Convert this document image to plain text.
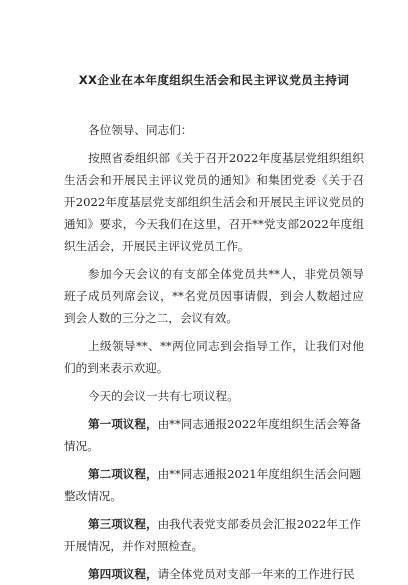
XX企业在本年度组织生活会和民主评议党员主持词

各位领导、同志们：

按照省委组织部《关于召开2022年度基层党组织组织生活会和开展民主评议党员的通知》和集团党委《关于召开2022年度基层党支部组织生活会和开展民主评议党员的通知》要求，今天我们在这里，召开**党支部2022年度组织生活会，开展民主评议党员工作。

参加今天会议的有支部全体党员共**人，非党员领导班子成员列席会议，**名党员因事请假，到会人数超过应到会人数的三分之二，会议有效。

上级领导**、**两位同志到会指导工作，让我们对他们的到来表示欢迎。

今天的会议一共有七项议程。

第一项议程，由**同志通报2022年度组织生活会筹备情况。

第二项议程，由**同志通报2021年度组织生活会问题整改情况。

第三项议程，由我代表党支部委员会汇报2022年工作开展情况，并作对照检查。

第四项议程，请全体党员对支部一年来的工作进行民
